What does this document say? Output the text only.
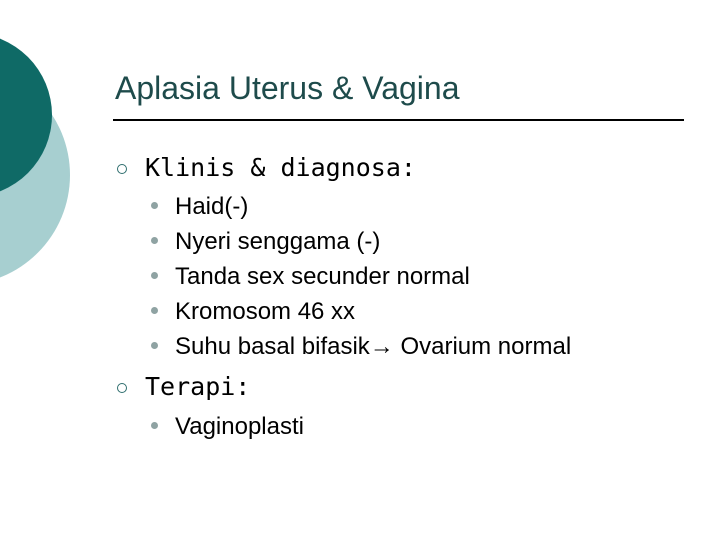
Aplasia Uterus & Vagina
Klinis & diagnosa:
Haid(-)
Nyeri senggama (-)
Tanda sex secunder normal
Kromosom 46 xx
Suhu basal bifasik→ Ovarium normal
Terapi:
Vaginoplasti
